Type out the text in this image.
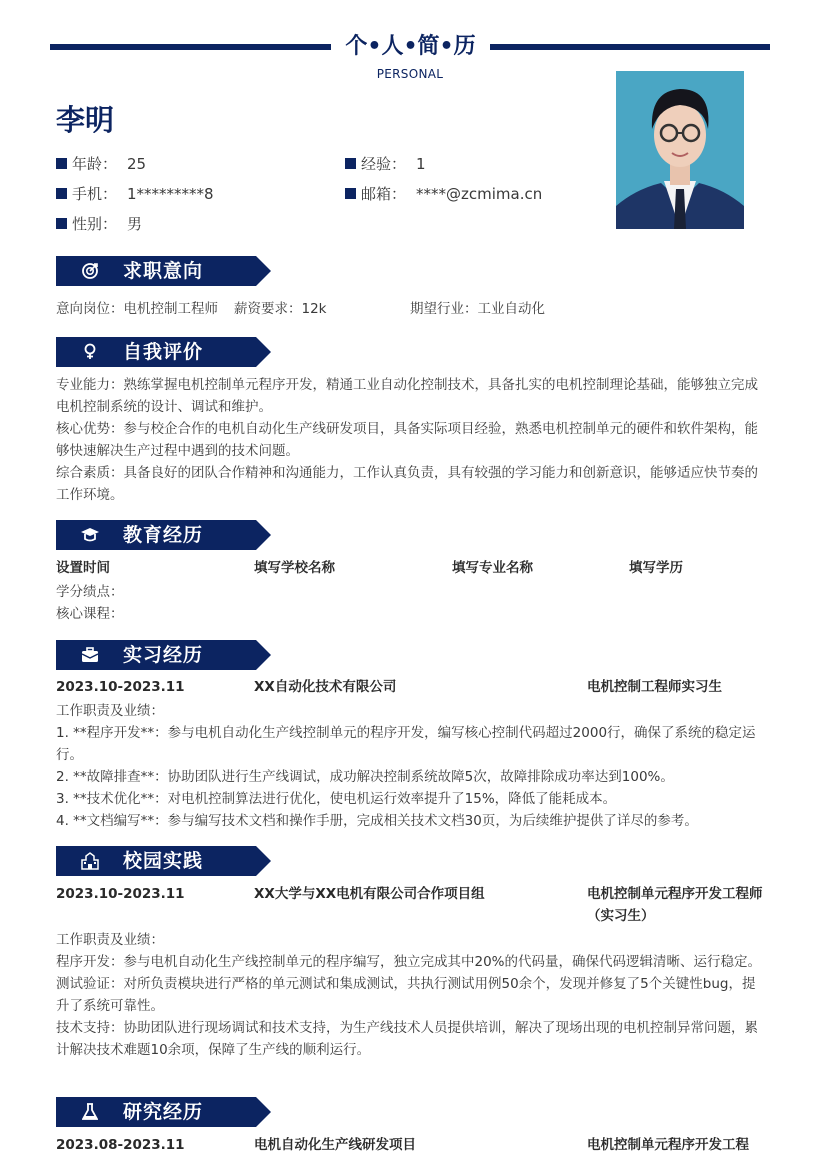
个•人•简•历
PERSONAL
李明
年龄： 25	经验： 1
手机： 1*********8	邮箱： ****@zcmima.cn
性别： 男
求职意向
意向岗位：电机控制工程师 薪资要求：12k	期望行业：工业自动化
自我评价
专业能力：熟练掌握电机控制单元程序开发，精通工业自动化控制技术，具备扎实的电机控制理论基础，能够独立完成电机控制系统的设计、调试和维护。
核心优势：参与校企合作的电机自动化生产线研发项目，具备实际项目经验，熟悉电机控制单元的硬件和软件架构，能够快速解决生产过程中遇到的技术问题。
综合素质：具备良好的团队合作精神和沟通能力，工作认真负责，具有较强的学习能力和创新意识，能够适应快节奏的工作环境。
教育经历
设置时间	填写学校名称	填写专业名称	填写学历
学分绩点：
核心课程：
实习经历
2023.10-2023.11	XX自动化技术有限公司	电机控制工程师实习生
工作职责及业绩：
1. **程序开发**：参与电机自动化生产线控制单元的程序开发，编写核心控制代码超过2000行，确保了系统的稳定运行。
2. **故障排查**：协助团队进行生产线调试，成功解决控制系统故障5次，故障排除成功率达到100%。
3. **技术优化**：对电机控制算法进行优化，使电机运行效率提升了15%，降低了能耗成本。
4. **文档编写**：参与编写技术文档和操作手册，完成相关技术文档30页，为后续维护提供了详尽的参考。
校园实践
2023.10-2023.11	XX大学与XX电机有限公司合作项目组	电机控制单元程序开发工程师（实习生）
工作职责及业绩：
程序开发：参与电机自动化生产线控制单元的程序编写，独立完成其中20%的代码量，确保代码逻辑清晰、运行稳定。
测试验证：对所负责模块进行严格的单元测试和集成测试，共执行测试用例50余个，发现并修复了5个关键性bug，提升了系统可靠性。
技术支持：协助团队进行现场调试和技术支持，为生产线技术人员提供培训，解决了现场出现的电机控制异常问题，累计解决技术难题10余项，保障了生产线的顺利运行。
研究经历
2023.08-2023.11	电机自动化生产线研发项目	电机控制单元程序开发工程
